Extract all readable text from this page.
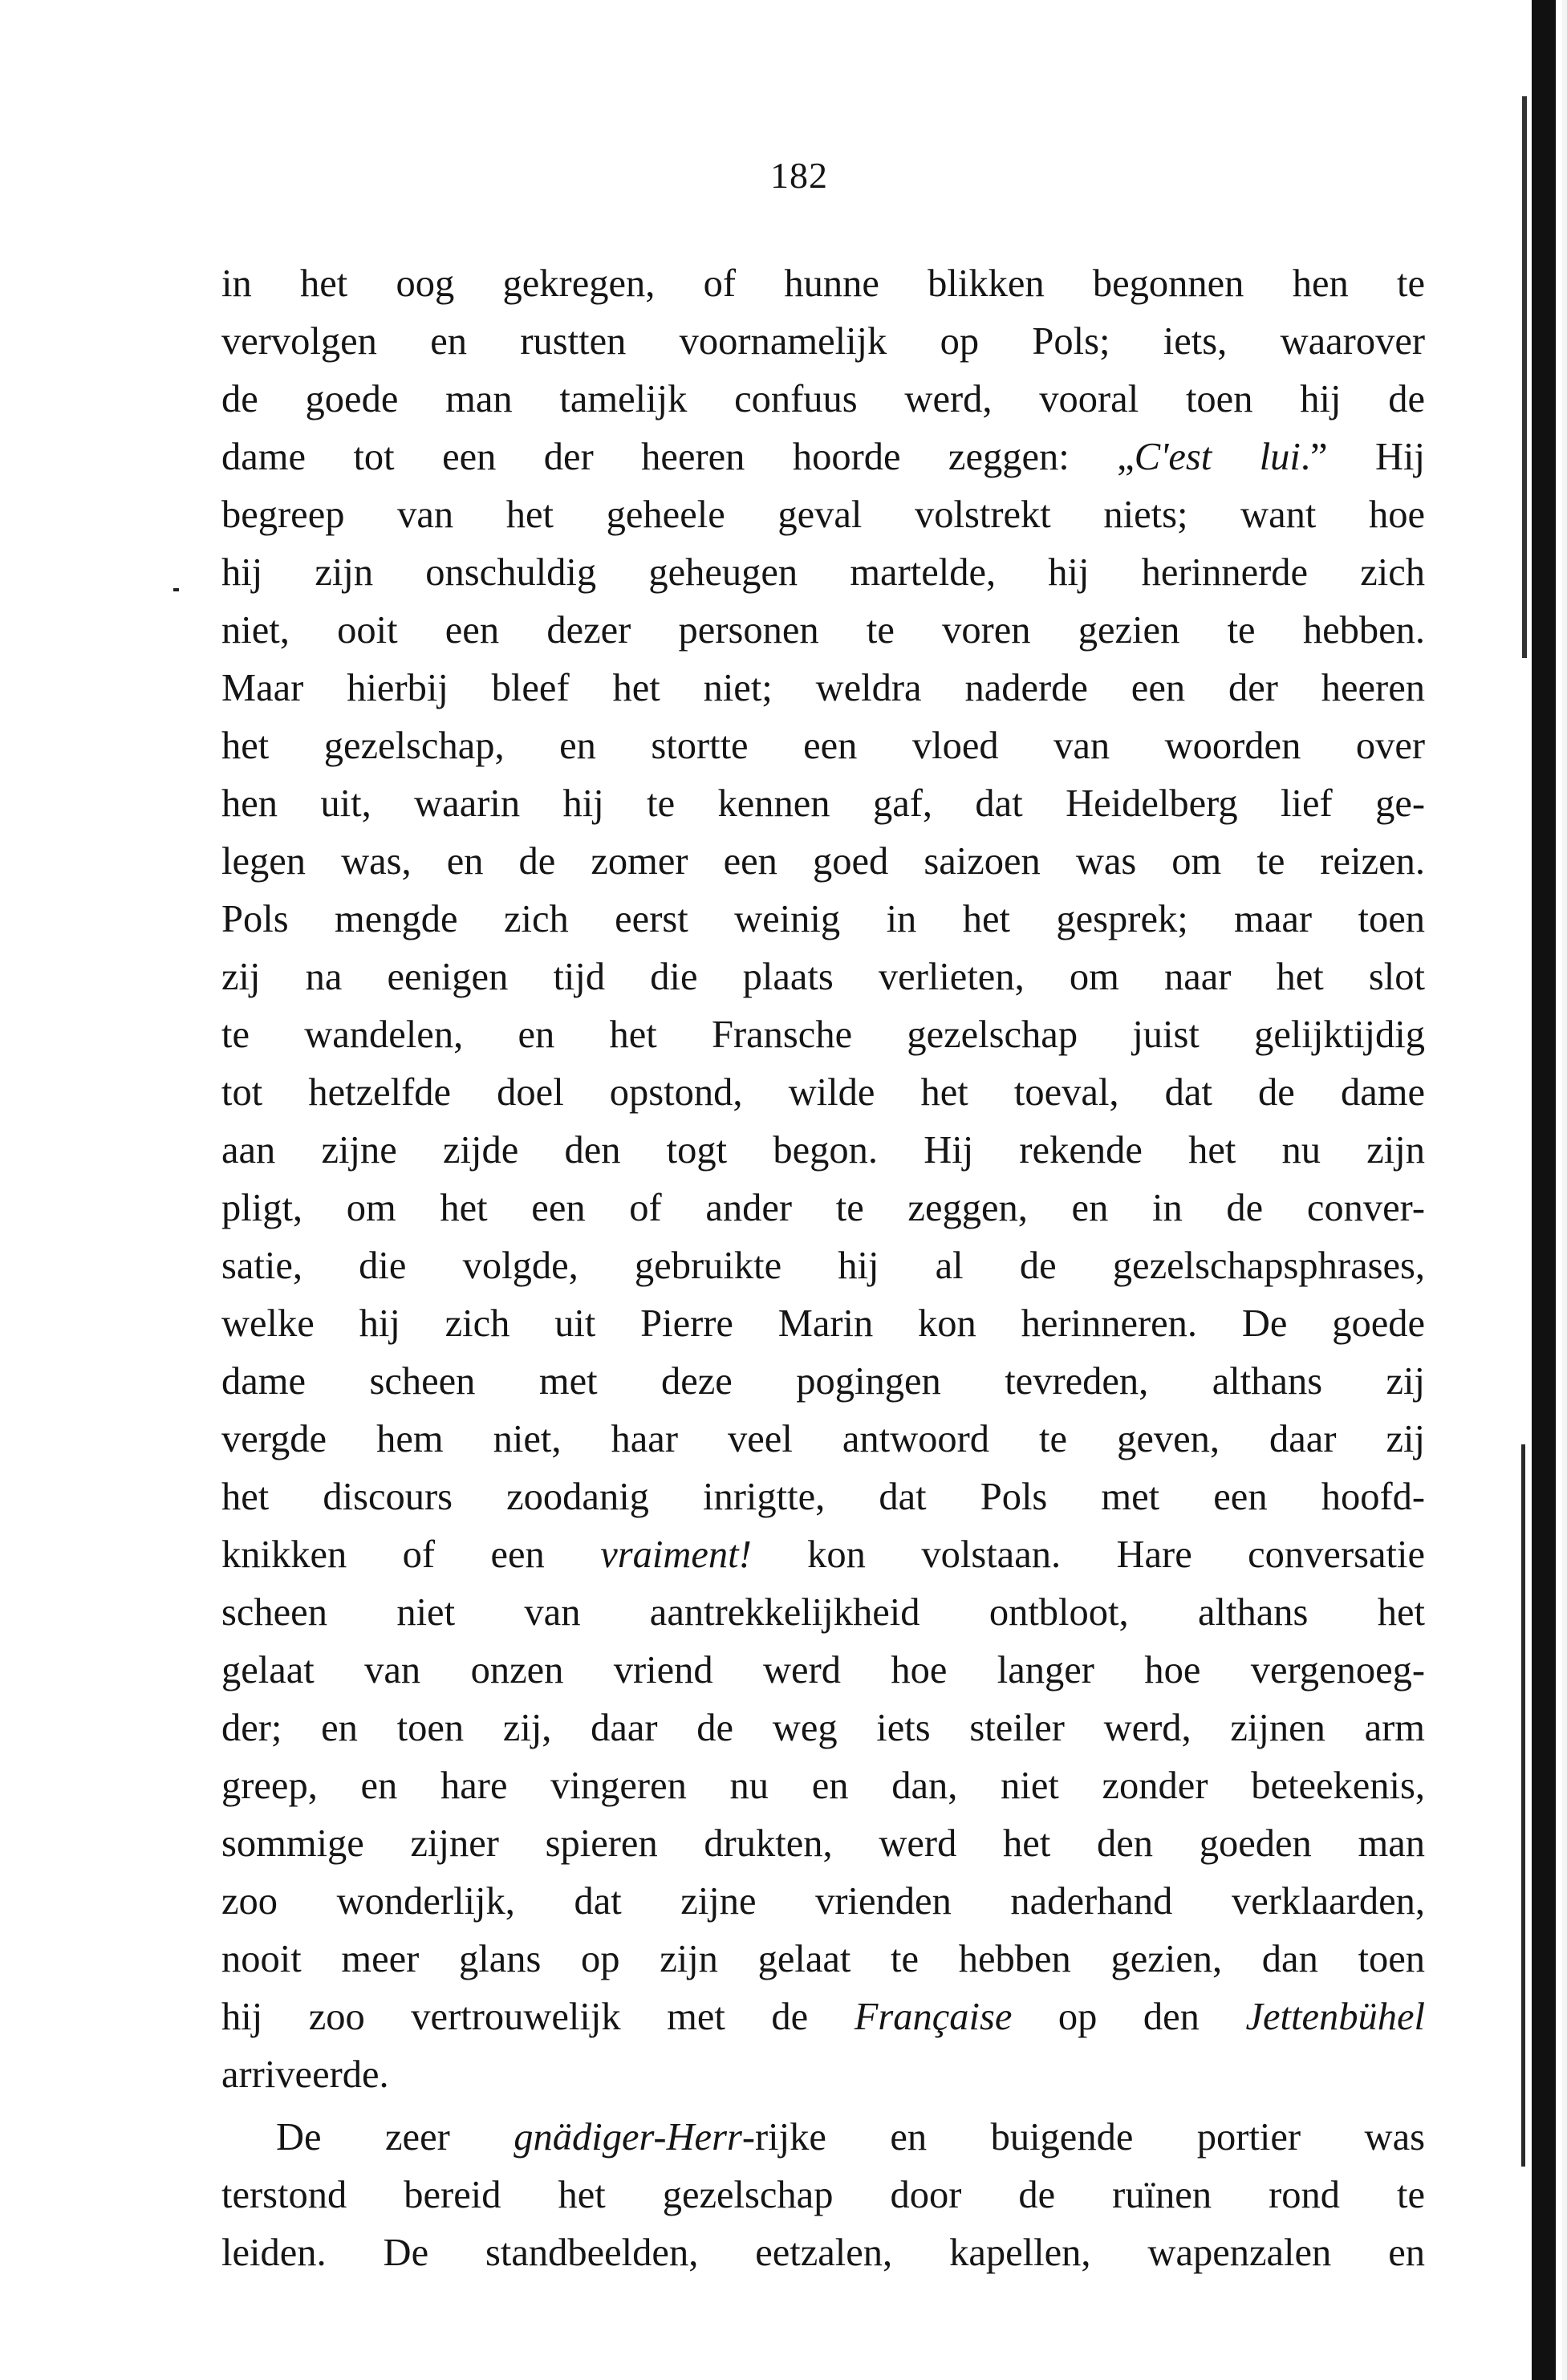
182
in het oog gekregen, of hunne blikken begonnen hen te
vervolgen en rustten voornamelijk op Pols; iets, waarover
de goede man tamelijk confuus werd, vooral toen hij de
dame tot een der heeren hoorde zeggen: „C'est lui.” Hij
begreep van het geheele geval volstrekt niets; want hoe
hij zijn onschuldig geheugen martelde, hij herinnerde zich
niet, ooit een dezer personen te voren gezien te hebben.
Maar hierbij bleef het niet; weldra naderde een der heeren
het gezelschap, en stortte een vloed van woorden over
hen uit, waarin hij te kennen gaf, dat Heidelberg lief ge-
legen was, en de zomer een goed saizoen was om te reizen.
Pols mengde zich eerst weinig in het gesprek; maar toen
zij na eenigen tijd die plaats verlieten, om naar het slot
te wandelen, en het Fransche gezelschap juist gelijktijdig
tot hetzelfde doel opstond, wilde het toeval, dat de dame
aan zijne zijde den togt begon. Hij rekende het nu zijn
pligt, om het een of ander te zeggen, en in de conver-
satie, die volgde, gebruikte hij al de gezelschapsphrases,
welke hij zich uit Pierre Marin kon herinneren. De goede
dame scheen met deze pogingen tevreden, althans zij
vergde hem niet, haar veel antwoord te geven, daar zij
het discours zoodanig inrigtte, dat Pols met een hoofd-
knikken of een vraiment! kon volstaan. Hare conversatie
scheen niet van aantrekkelijkheid ontbloot, althans het
gelaat van onzen vriend werd hoe langer hoe vergenoeg-
der; en toen zij, daar de weg iets steiler werd, zijnen arm
greep, en hare vingeren nu en dan, niet zonder beteekenis,
sommige zijner spieren drukten, werd het den goeden man
zoo wonderlijk, dat zijne vrienden naderhand verklaarden,
nooit meer glans op zijn gelaat te hebben gezien, dan toen
hij zoo vertrouwelijk met de Française op den Jettenbühel
arriveerde.
De zeer gnädiger-Herr-rijke en buigende portier was
terstond bereid het gezelschap door de ruïnen rond te
leiden. De standbeelden, eetzalen, kapellen, wapenzalen en
